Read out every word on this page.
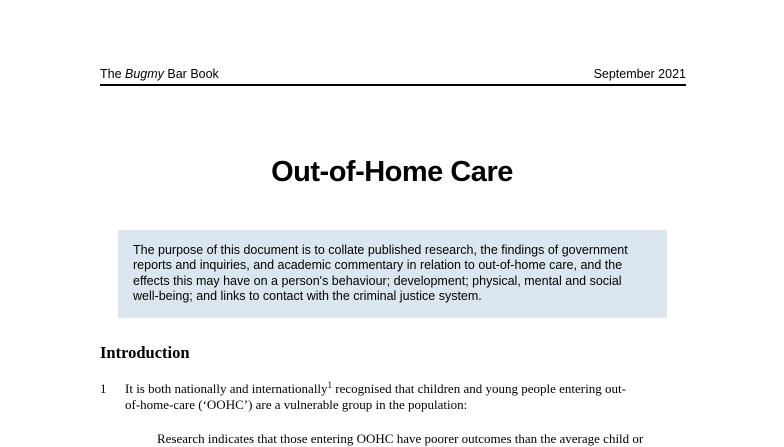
The Bugmy Bar Book	September 2021
Out-of-Home Care
The purpose of this document is to collate published research, the findings of government
reports and inquiries, and academic commentary in relation to out-of-home care, and the
effects this may have on a person's behaviour; development; physical, mental and social
well-being; and links to contact with the criminal justice system.
Introduction
1 It is both nationally and internationally$^1$ recognised that children and young people entering out-
of-home-care (‘OOHC’) are a vulnerable group in the population:
Research indicates that those entering OOHC have poorer outcomes than the average child or
